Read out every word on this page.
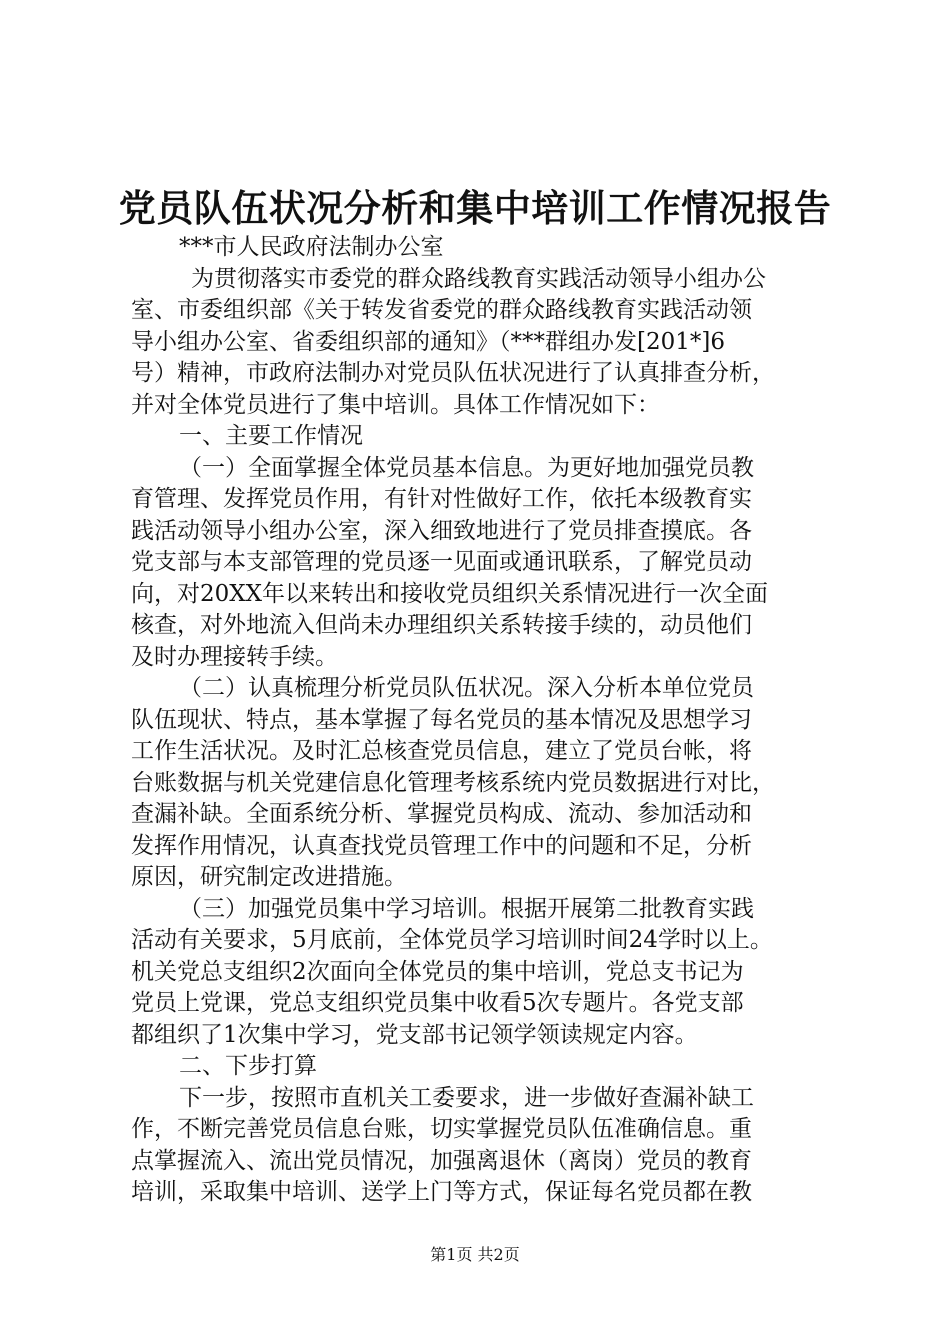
党员队伍状况分析和集中培训工作情况报告
***市人民政府法制办公室
为贯彻落实市委党的群众路线教育实践活动领导小组办公
室、市委组织部《关于转发省委党的群众路线教育实践活动领
导小组办公室、省委组织部的通知》（***群组办发[201*]6
号）精神，市政府法制办对党员队伍状况进行了认真排查分析，
并对全体党员进行了集中培训。具体工作情况如下：
一、主要工作情况
（一）全面掌握全体党员基本信息。为更好地加强党员教
育管理、发挥党员作用，有针对性做好工作，依托本级教育实
践活动领导小组办公室，深入细致地进行了党员排查摸底。各
党支部与本支部管理的党员逐一见面或通讯联系，了解党员动
向，对20XX年以来转出和接收党员组织关系情况进行一次全面
核查，对外地流入但尚未办理组织关系转接手续的，动员他们
及时办理接转手续。
（二）认真梳理分析党员队伍状况。深入分析本单位党员
队伍现状、特点，基本掌握了每名党员的基本情况及思想学习
工作生活状况。及时汇总核查党员信息，建立了党员台帐，将
台账数据与机关党建信息化管理考核系统内党员数据进行对比，
查漏补缺。全面系统分析、掌握党员构成、流动、参加活动和
发挥作用情况，认真查找党员管理工作中的问题和不足，分析
原因，研究制定改进措施。
（三）加强党员集中学习培训。根据开展第二批教育实践
活动有关要求，5月底前，全体党员学习培训时间24学时以上。
机关党总支组织2次面向全体党员的集中培训，党总支书记为
党员上党课，党总支组织党员集中收看5次专题片。各党支部
都组织了1次集中学习，党支部书记领学领读规定内容。
二、下步打算
下一步，按照市直机关工委要求，进一步做好查漏补缺工
作，不断完善党员信息台账，切实掌握党员队伍准确信息。重
点掌握流入、流出党员情况，加强离退休（离岗）党员的教育
培训，采取集中培训、送学上门等方式，保证每名党员都在教
第1页 共2页
